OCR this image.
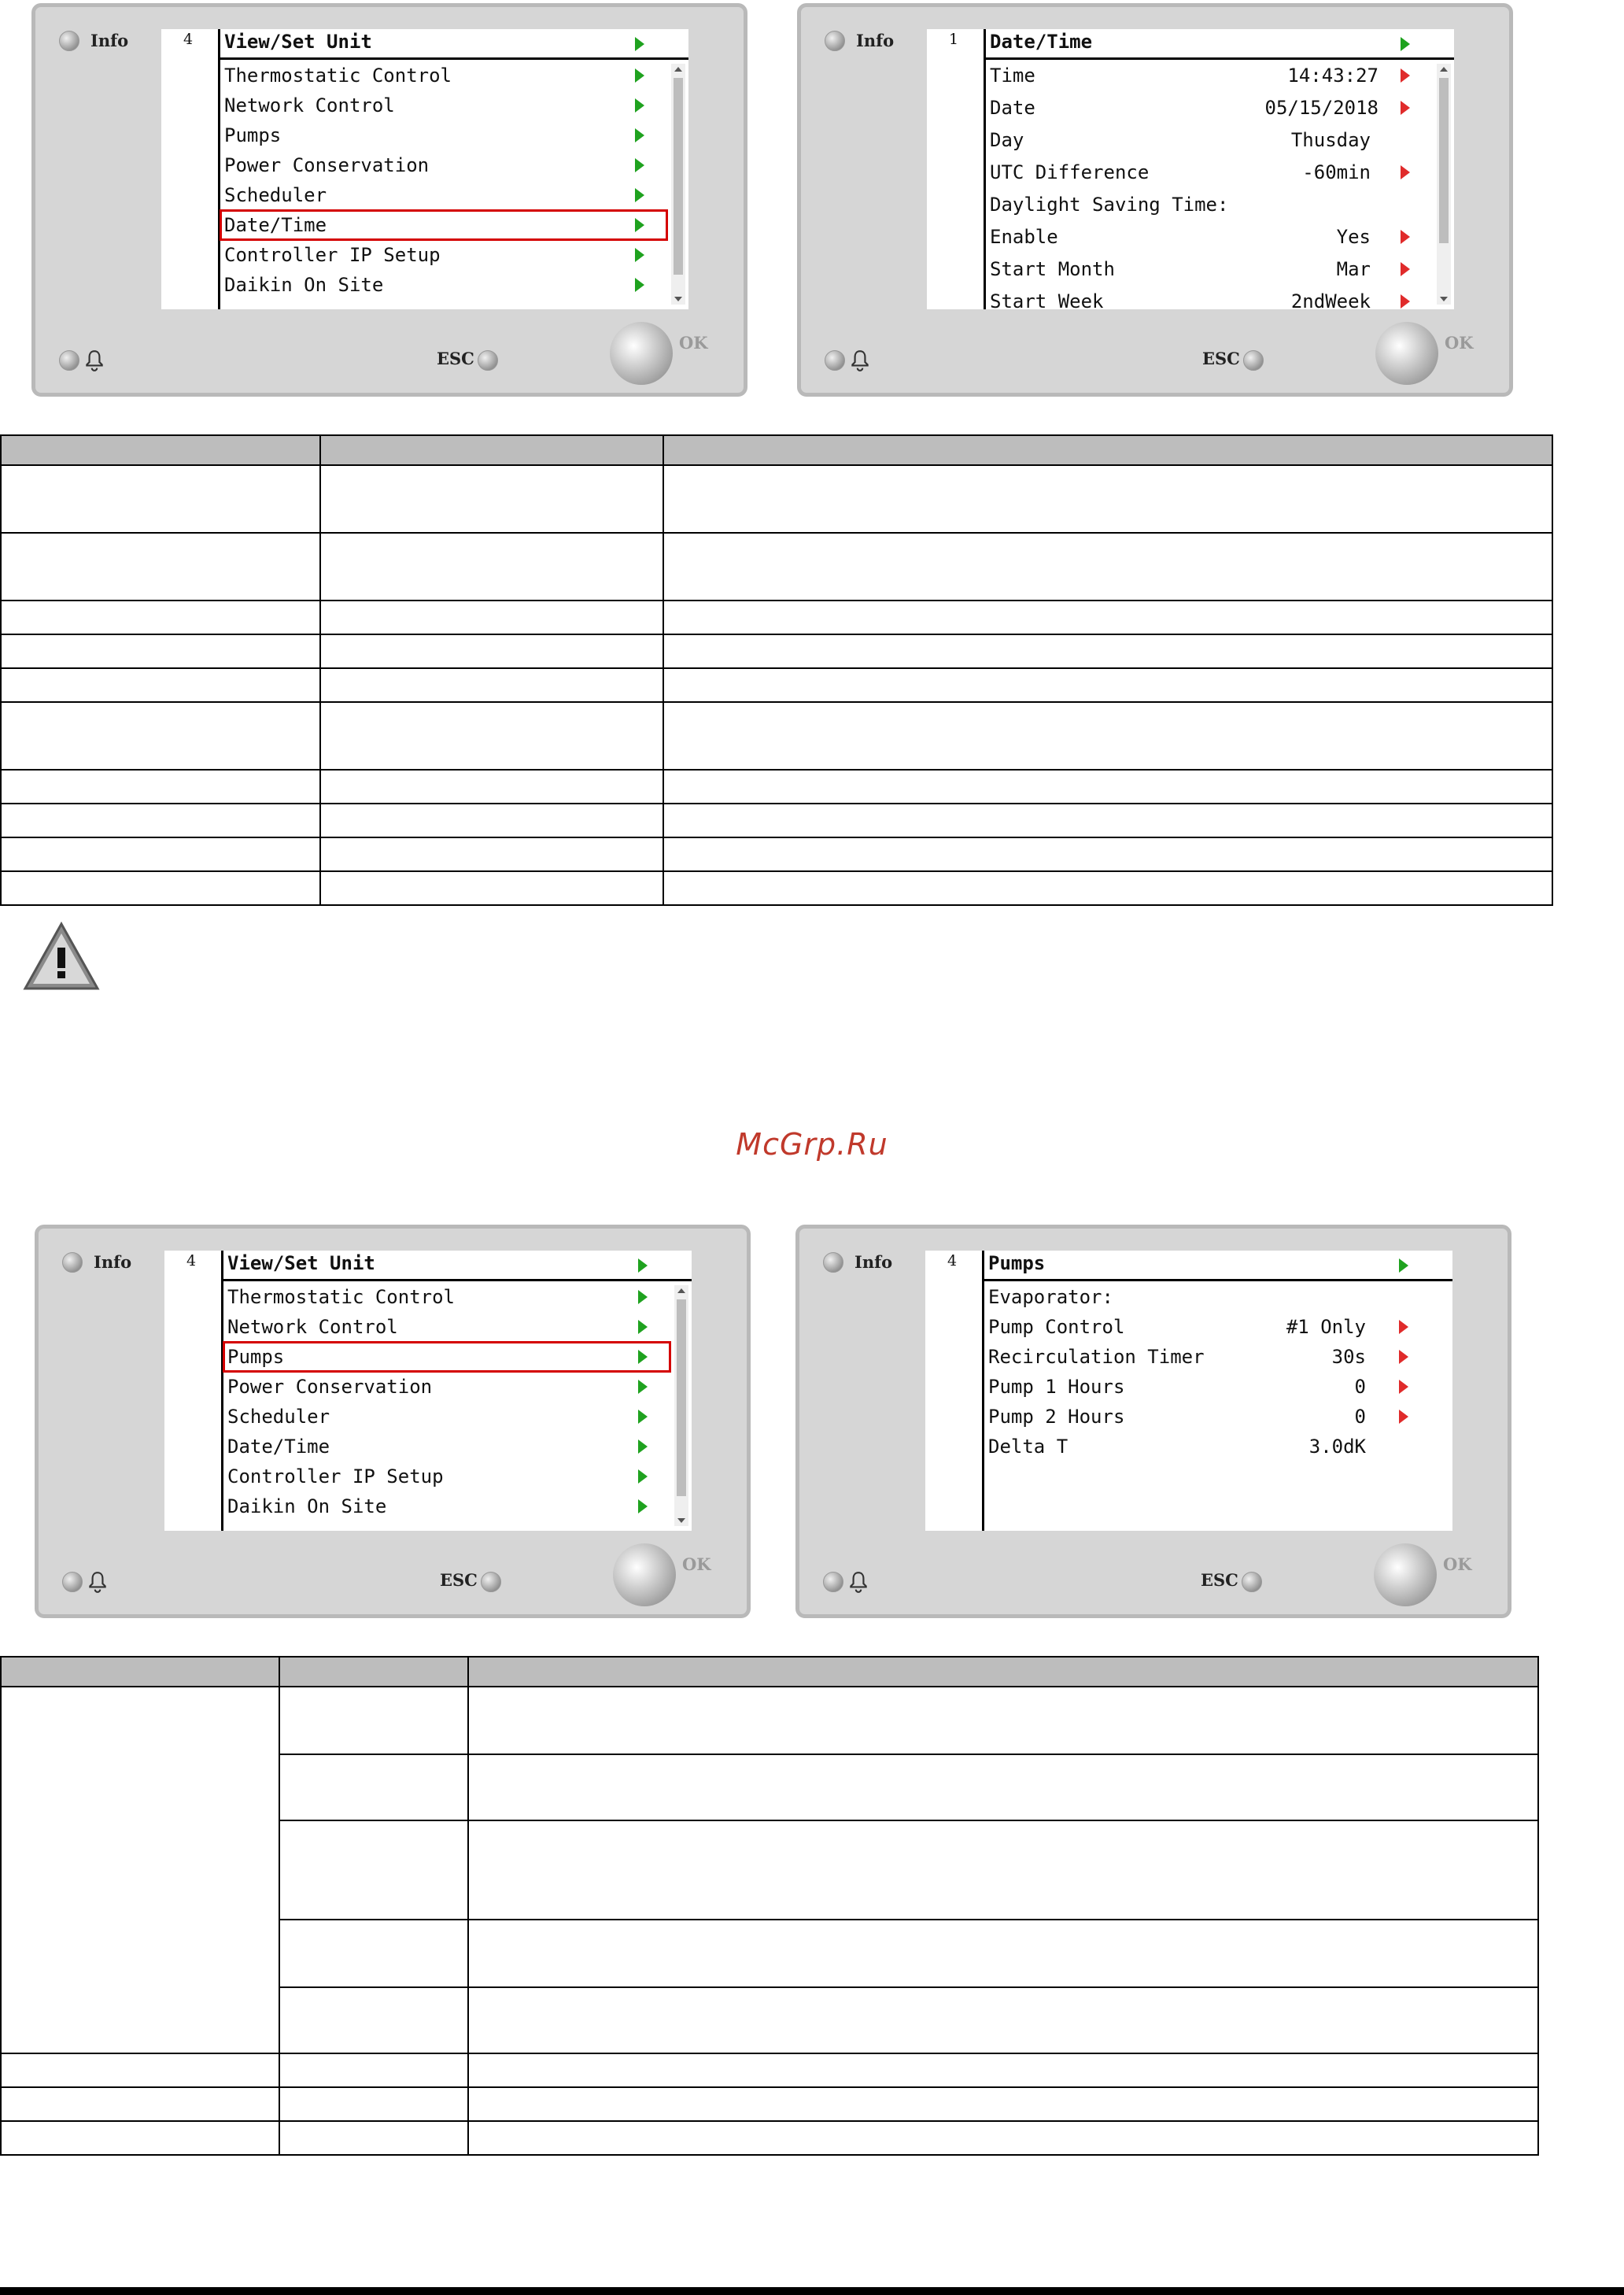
Info
ESC
OK
4 View/Set Unit
Thermostatic Control
Network Control
Pumps
Power Conservation
Scheduler
Date/Time
Controller IP Setup
Daikin On Site
Info
ESC
OK
1 Date/Time
Time	14:43:27
Date	05/15/2018
Day	Thusday
UTC Difference	-60min
Daylight Saving Time:
Enable	Yes
Start Month	Mar
Start Week	2ndWeek

McGrp.Ru
Info
ESC
OK
4 View/Set Unit
Thermostatic Control
Network Control
Pumps
Power Conservation
Scheduler
Date/Time
Controller IP Setup
Daikin On Site
Info
ESC
OK
4 Pumps
Evaporator:
Pump Control	#1 Only
Recirculation Timer	30s
Pump 1 Hours	0
Pump 2 Hours	0
Delta T	3.0dK
